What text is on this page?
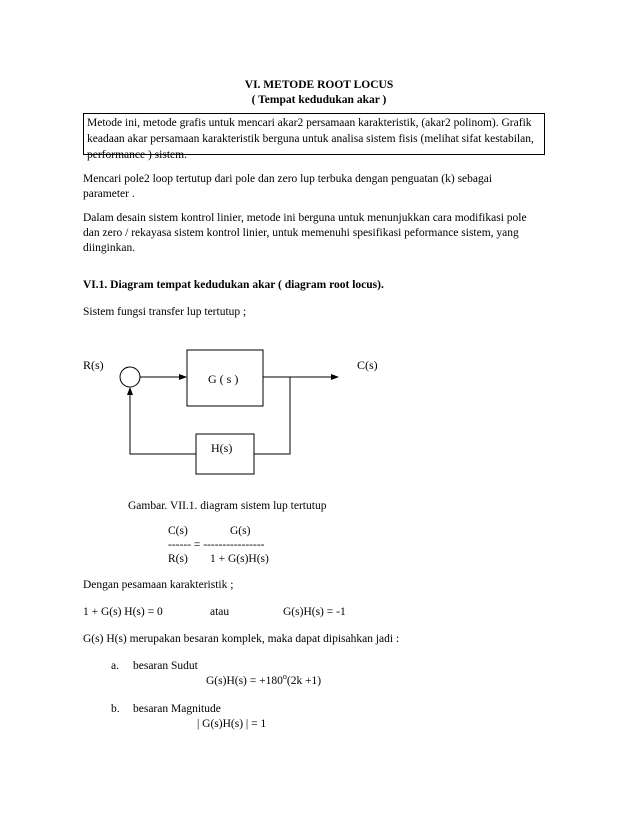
VI. METODE ROOT LOCUS
( Tempat kedudukan akar )
Metode ini, metode grafis untuk mencari akar2 persamaan karakteristik, (akar2 polinom). Grafik
keadaan akar persamaan karakteristik berguna untuk analisa sistem fisis (melihat sifat kestabilan,
performance ) sistem.
Mencari pole2 loop tertutup dari pole dan zero lup terbuka dengan penguatan (k) sebagai
parameter .
Dalam desain sistem kontrol linier, metode ini berguna untuk menunjukkan cara modifikasi pole
dan zero / rekayasa sistem kontrol linier, untuk memenuhi spesifikasi peformance sistem, yang
diinginkan.
VI.1. Diagram tempat kedudukan akar ( diagram root locus).
Sistem fungsi transfer lup tertutup ;
R(s)	C(s)
G ( s )
H(s)
Gambar. VII.1. diagram sistem lup tertutup
C(s)	G(s)
------ = ----------------
R(s) 1 + G(s)H(s)
Dengan pesamaan karakteristik ;
1 + G(s) H(s) = 0	atau	G(s)H(s) = -1
G(s) H(s) merupakan besaran komplek, maka dapat dipisahkan jadi :
a. besaran Sudut
$G(s)H(s) = +180^o(2k +1)$
b. besaran Magnitude
| G(s)H(s) | = 1
